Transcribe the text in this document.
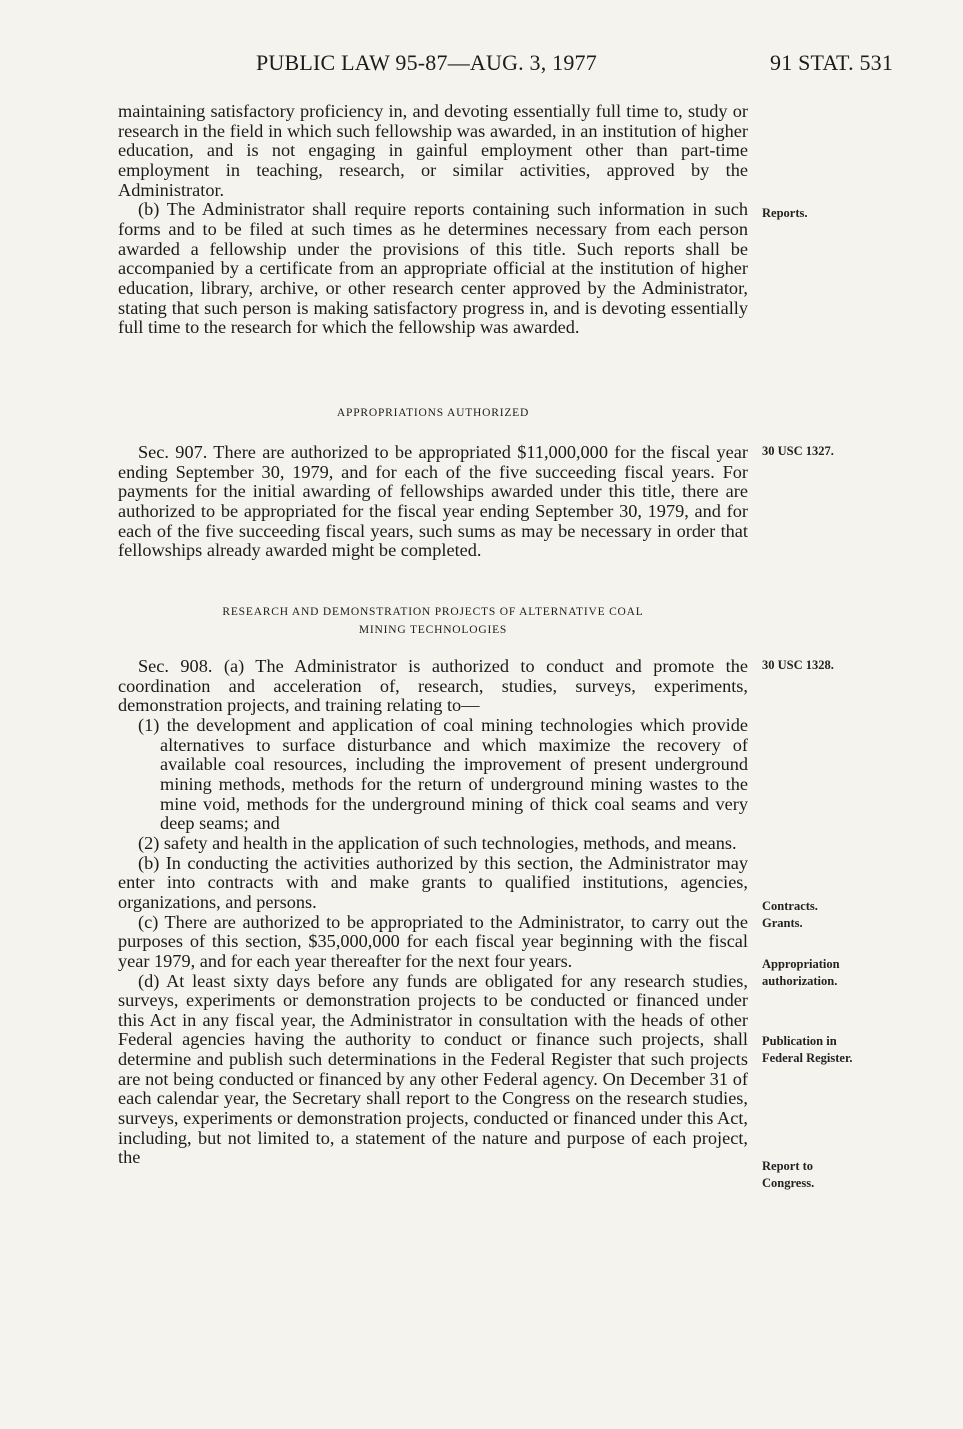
PUBLIC LAW 95-87—AUG. 3, 1977	91 STAT. 531

maintaining satisfactory proficiency in, and devoting essentially full time to, study or research in the field in which such fellowship was awarded, in an institution of higher education, and is not engaging in gainful employment other than part-time employment in teaching, research, or similar activities, approved by the Administrator.

(b) The Administrator shall require reports containing such information in such forms and to be filed at such times as he determines necessary from each person awarded a fellowship under the provisions of this title. Such reports shall be accompanied by a certificate from an appropriate official at the institution of higher education, library, archive, or other research center approved by the Administrator, stating that such person is making satisfactory progress in, and is devoting essentially full time to the research for which the fellowship was awarded.

APPROPRIATIONS AUTHORIZED

Sec. 907. There are authorized to be appropriated $11,000,000 for the fiscal year ending September 30, 1979, and for each of the five succeeding fiscal years. For payments for the initial awarding of fellowships awarded under this title, there are authorized to be appropriated for the fiscal year ending September 30, 1979, and for each of the five succeeding fiscal years, such sums as may be necessary in order that fellowships already awarded might be completed.

RESEARCH AND DEMONSTRATION PROJECTS OF ALTERNATIVE COAL

MINING TECHNOLOGIES

Sec. 908. (a) The Administrator is authorized to conduct and promote the coordination and acceleration of, research, studies, surveys, experiments, demonstration projects, and training relating to—

(1) the development and application of coal mining technologies which provide alternatives to surface disturbance and which maximize the recovery of available coal resources, including the improvement of present underground mining methods, methods for the return of underground mining wastes to the mine void, methods for the underground mining of thick coal seams and very deep seams; and

(2) safety and health in the application of such technologies, methods, and means.

(b) In conducting the activities authorized by this section, the Administrator may enter into contracts with and make grants to qualified institutions, agencies, organizations, and persons.

(c) There are authorized to be appropriated to the Administrator, to carry out the purposes of this section, $35,000,000 for each fiscal year beginning with the fiscal year 1979, and for each year thereafter for the next four years.

(d) At least sixty days before any funds are obligated for any research studies, surveys, experiments or demonstration projects to be conducted or financed under this Act in any fiscal year, the Administrator in consultation with the heads of other Federal agencies having the authority to conduct or finance such projects, shall determine and publish such determinations in the Federal Register that such projects are not being conducted or financed by any other Federal agency. On December 31 of each calendar year, the Secretary shall report to the Congress on the research studies, surveys, experiments or demonstration projects, conducted or financed under this Act, including, but not limited to, a statement of the nature and purpose of each project, the

Reports.
30 USC 1327.
30 USC 1328.
Contracts.
Grants.
Appropriation
authorization.
Publication in
Federal Register.
Report to
Congress.
